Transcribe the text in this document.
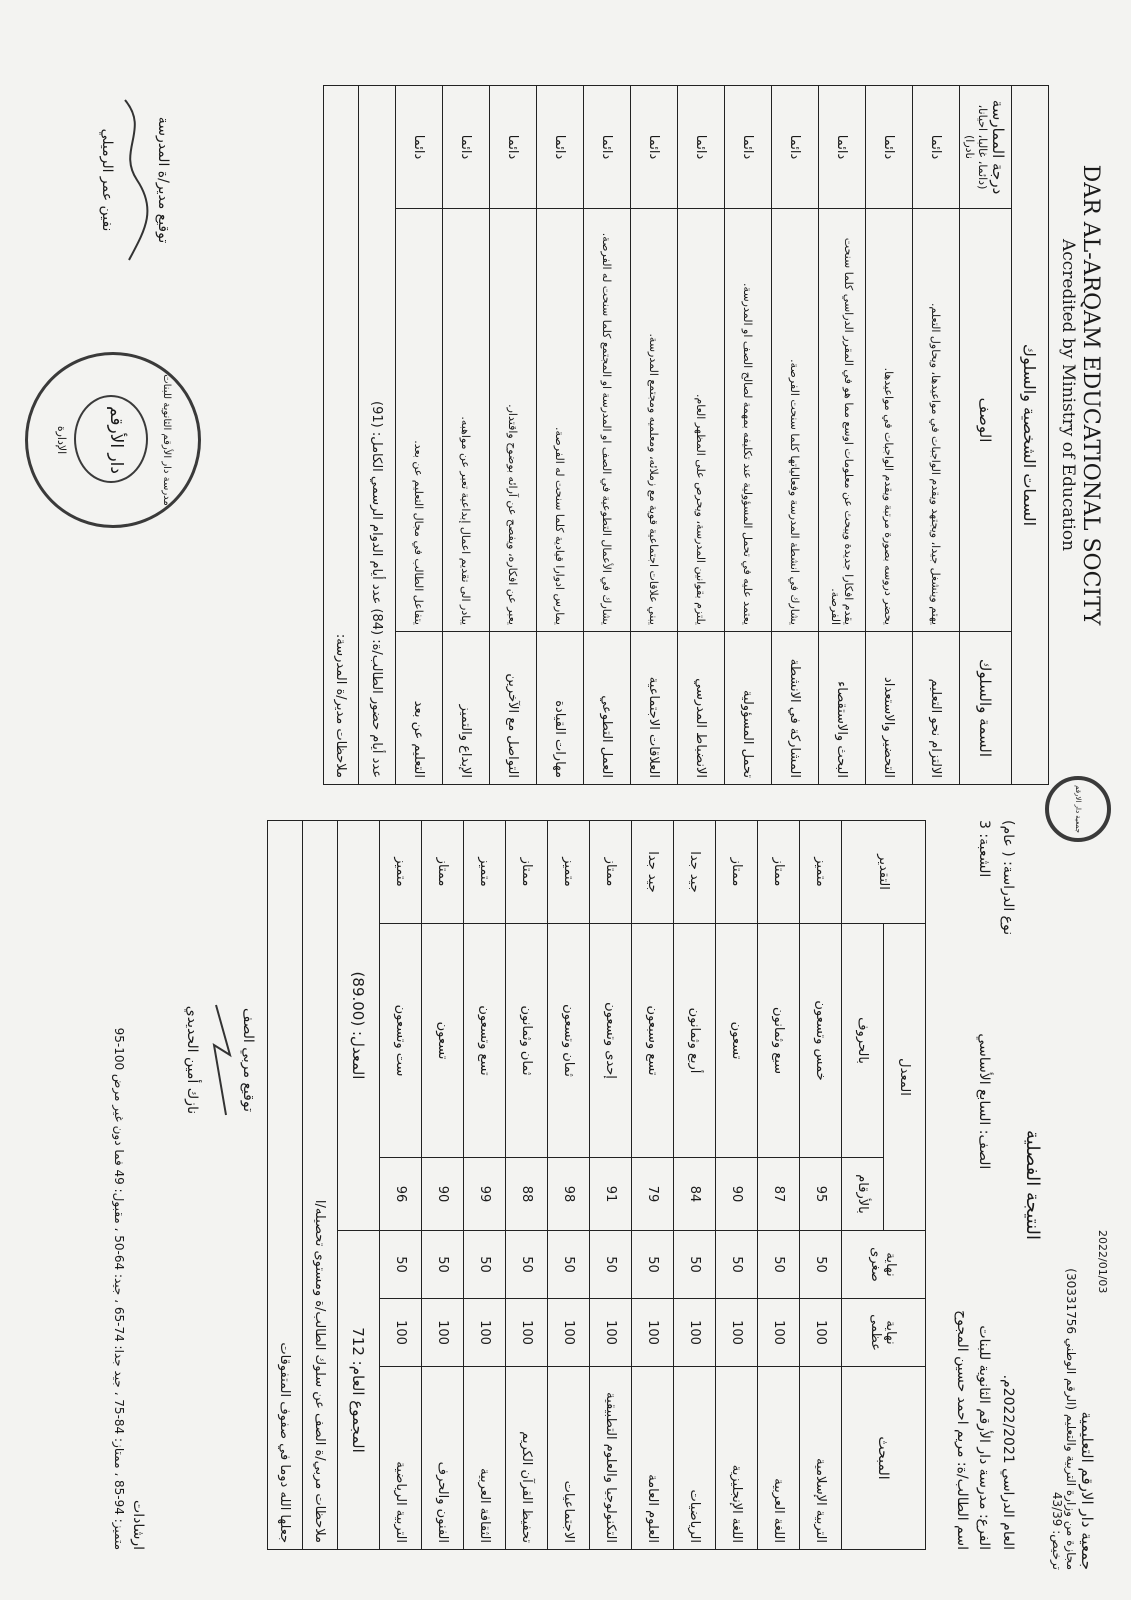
DAR AL-ARQAM EDUCATIONAL SOCITY
Accredited by Ministry of Education
2022/01/03
جمعية دار الارقم التعليمية
مجازة من وزارة التربية والتعليم (الرقم الوطني 30331756)
ترخيص: 43/39
جمعية دار الارقم
السمات الشخصية والسلوك		
السمة والسلوك	الوصف	درجة الممارسة
(دائما، غالبا، احيانا، نادرا)

الالتزام نحو التعليم	يهتم وينشغل جيدا، ويجتهد ويقدم الواجبات في مواعيدها، ويحاول التعلم.	دائما
التحضير والاستعداد	يحضر دروسه بصورة مرتبة ويقدم الواجبات في مواعيدها.	دائما
البحث والاستقصاء	يقدم افكارا جديدة ويبحث عن معلومات اوسع مما هو في المقرر الدراسي كلما سنحت الفرصة.	دائما
المشاركة في الانشطة	يشارك في انشطة المدرسة وفعالياتها كلما سنحت الفرصة.	دائما
تحمل المسؤولية	يعتمد عليه في تحمل المسؤولية عند تكليفه بمهمة لصالح الصف او المدرسة.	دائما
الانضباط المدرسي	يلتزم بقوانين المدرسة، ويحرص على المظهر العام.	دائما
العلاقات الاجتماعية	يبني علاقات اجتماعية قوية مع زملائه، ومعلميه ومجتمع المدرسة.	دائما
العمل التطوعي	يشارك في الأعمال التطوعية في الصف او المدرسة او المجتمع كلما سنحت له الفرصة.	دائما
مهارات القيادة	يمارس ادوارا قيادية كلما سنحت له الفرصة.	دائما
التواصل مع الآخرين	يعبر عن افكاره، ويفصح عن آرائه بوضوح واقتدار.	دائما
الإبداع والتميز	يبادر الى تقديم اعمال إبداعية تعبر عن مواهبه.	دائما
التعليم عن بعد	يتفاعل الطالب في مجال التعليم عن بعد.	دائما
عدد أيام حضور الطالب/ة: (84) عدد أيام الدوام الرسمي الكامل: (91)		
ملاحظات مدير/ة المدرسة:		
توقيع مدير/ة المدرسة
نفين عمر الرميلي
مدرسة دار الأرقم الثانوية للبنات
دار الأرقم
الإدارة
النتيجة الفصلية
العام الدراسي 2022/2021م.
نوع الدراسة: ( عام)
الفرع: مدرسة دار الأرقم الثانوية للبنات
الصف: السابع الأساسي
الشعبة: 3
اسم الطالب/ة: مريم احمد حسين المجوح
المبحث	نهاية عظمى	نهاية صغرى	المعدل		التقدير
			بالأرقام	بالحروف	
التربية الإسلامية	100	50	95	خمس وتسعون	متميز
اللغة العربية	100	50	87	سبع وثمانون	ممتاز
اللغة الإنجليزية	100	50	90	تسعون	ممتاز
الرياضيات	100	50	84	أربع وثمانون	جيد جدا
العلوم العامة	100	50	79	تسع وسبعون	جيد جدا
التكنولوجيا والعلوم التطبيقية	100	50	91	إحدى وتسعون	ممتاز
الاجتماعيات	100	50	98	ثمان وتسعون	متميز
تحفيظ القرآن الكريم	100	50	88	ثمان وثمانون	ممتاز
الثقافة العربية	100	50	99	تسع وتسعون	متميز
الفنون والحرف	100	50	90	تسعون	ممتاز
التربية الرياضية	100	50	96	ست وتسعون	متميز
المجموع العام: 712			المعدل: (89.00)		
ملاحظات مربي/ة الصف عن سلوك الطالب/ة ومستوى تحصيله/ا					
جعلها الله دوما في صفوف المتفوقات					
توقيع مربي الصف
نازك أمين الحديدي
ارشادات
متميز: 94-85 ، ممتاز: 84-75 ، جيد جدا: 74-65 ، جيد: 64-50 ، مقبول: 49 فما دون غير مرض 100-95
